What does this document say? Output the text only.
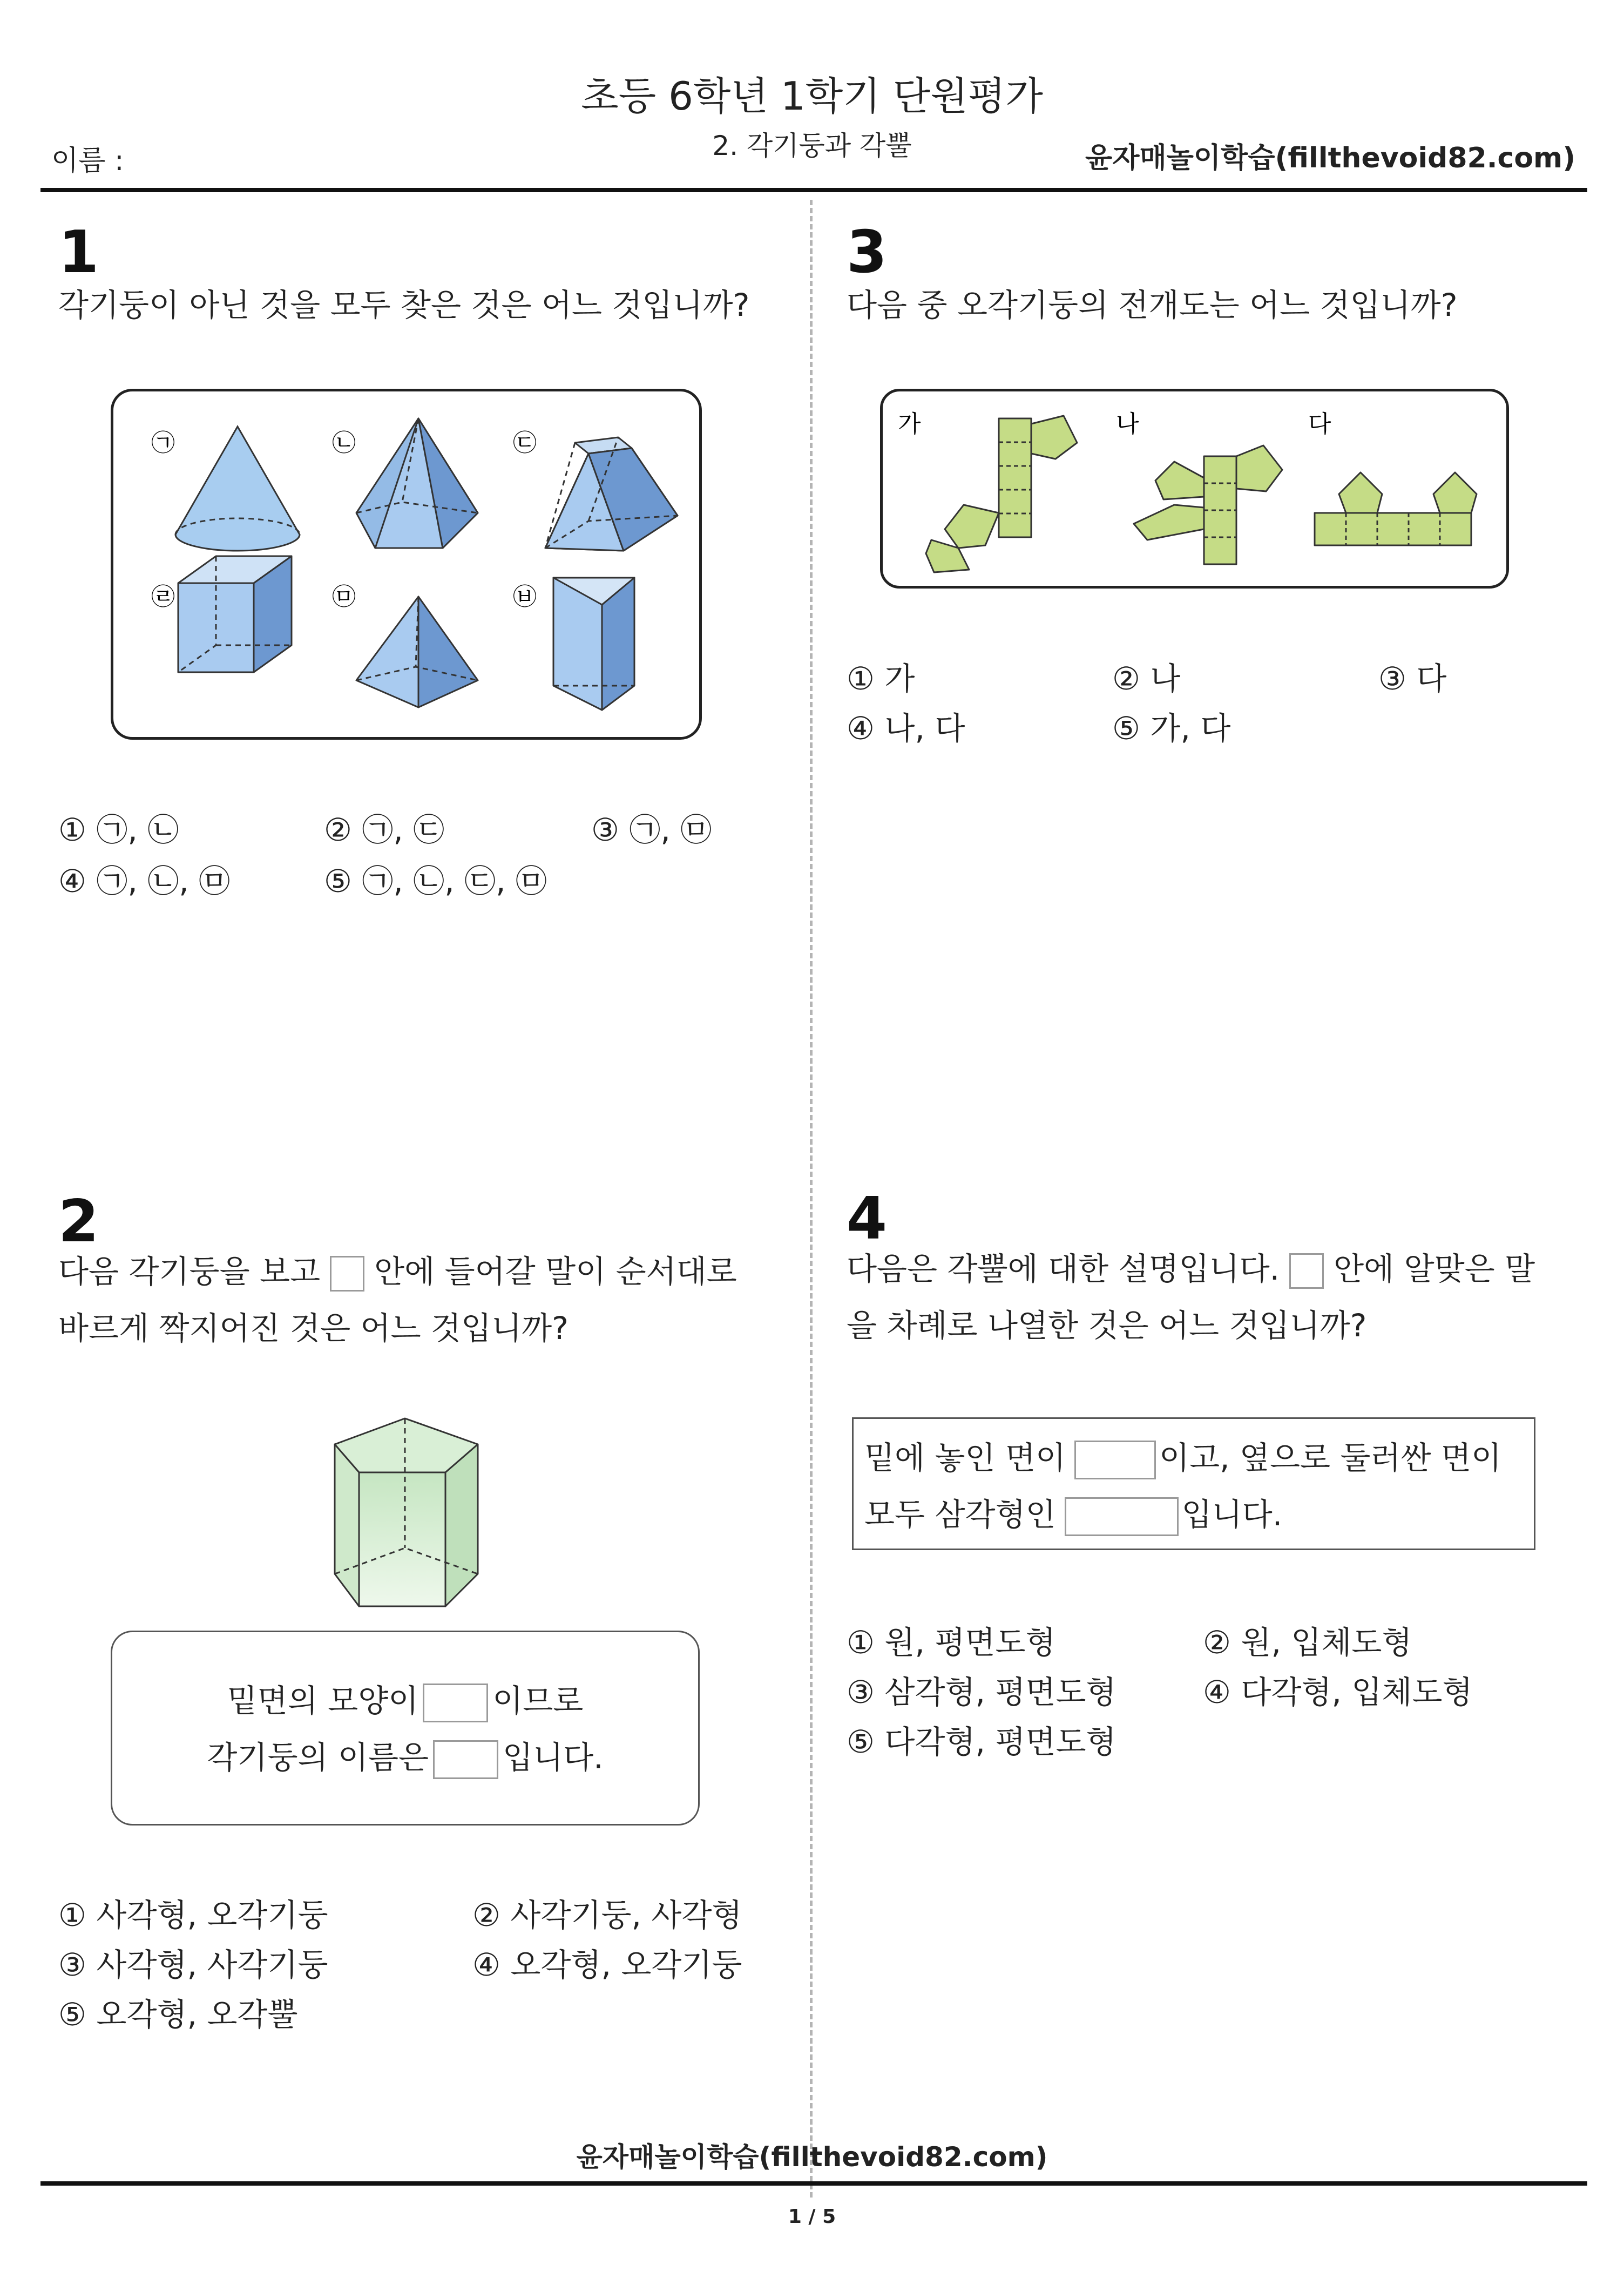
초등 6학년 1학기 단원평가
2. 각기둥과 각뿔
이름 :	윤자매놀이학습(fillthevoid82.com)
1
각기둥이 아닌 것을 모두 찾은 것은 어느 것입니까?
㉠	㉡	㉢
㉣	㉤	㉥
① ㉠, ㉡	② ㉠, ㉢	③ ㉠, ㉤
④ ㉠, ㉡, ㉤	⑤ ㉠, ㉡, ㉢, ㉤
2
다음 각기둥을 보고 안에 들어갈 말이 순서대로
바르게 짝지어진 것은 어느 것입니까?
밑면의 모양이 이므로
각기둥의 이름은 입니다.
① 사각형, 오각기둥	② 사각기둥, 사각형
③ 사각형, 사각기둥	④ 오각형, 오각기둥
⑤ 오각형, 오각뿔
3
다음 중 오각기둥의 전개도는 어느 것입니까?
가	나	다
① 가	② 나	③ 다
④ 나, 다	⑤ 가, 다
4
다음은 각뿔에 대한 설명입니다. 안에 알맞은 말
을 차례로 나열한 것은 어느 것입니까?
밑에 놓인 면이	이고, 옆으로 둘러싼 면이
모두 삼각형인	입니다.
① 원, 평면도형	② 원, 입체도형
③ 삼각형, 평면도형	④ 다각형, 입체도형
⑤ 다각형, 평면도형
윤자매놀이학습(fillthevoid82.com)
1 / 5
